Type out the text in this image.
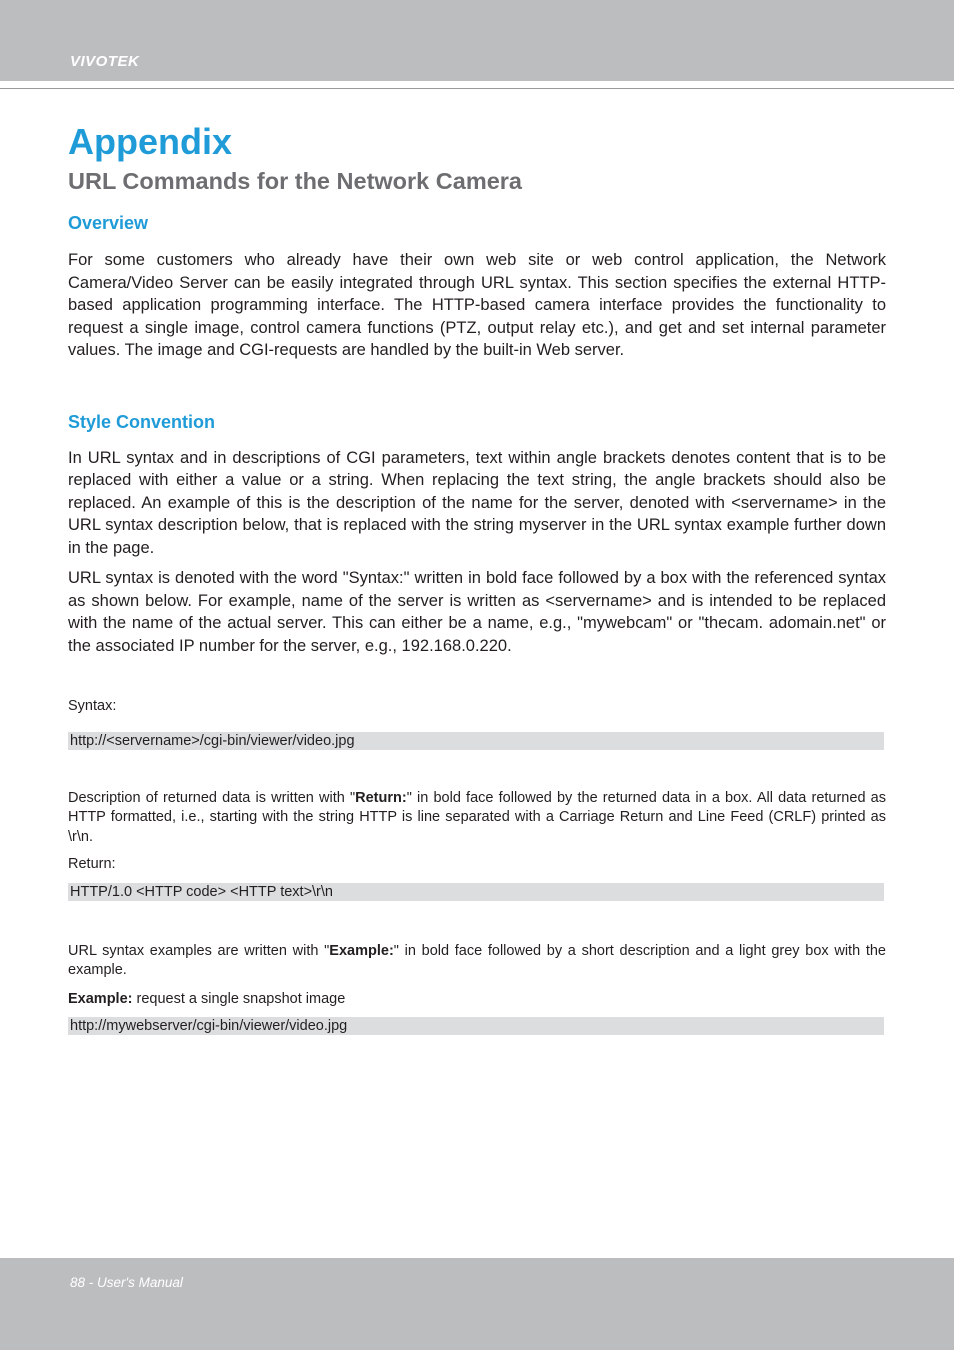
VIVOTEK
Appendix
URL Commands for the Network Camera
Overview

For some customers who already have their own web site or web control application, the Network Camera/Video Server can be easily integrated through URL syntax. This section specifies the external HTTP-based application programming interface. The HTTP-based camera interface provides the functionality to request a single image, control camera functions (PTZ, output relay etc.), and get and set internal parameter values. The image and CGI-requests are handled by the built-in Web server.

Style Convention

In URL syntax and in descriptions of CGI parameters, text within angle brackets denotes content that is to be replaced with either a value or a string. When replacing the text string, the angle brackets should also be replaced. An example of this is the description of the name for the server, denoted with <servername> in the URL syntax description below, that is replaced with the string myserver in the URL syntax example further down in the page.

URL syntax is denoted with the word "Syntax:" written in bold face followed by a box with the referenced syntax as shown below. For example, name of the server is written as <servername> and is intended to be replaced with the name of the actual server. This can either be a name, e.g., "mywebcam" or "thecam. adomain.net" or the associated IP number for the server, e.g., 192.168.0.220.

Syntax:

http://<servername>/cgi-bin/viewer/video.jpg

Description of returned data is written with "Return:" in bold face followed by the returned data in a box. All data returned as HTTP formatted, i.e., starting with the string HTTP is line separated with a Carriage Return and Line Feed (CRLF) printed as \r\n.

Return:

HTTP/1.0 <HTTP code> <HTTP text>\r\n

URL syntax examples are written with "Example:" in bold face followed by a short description and a light grey box with the example.

Example: request a single snapshot image

http://mywebserver/cgi-bin/viewer/video.jpg
88 - User's Manual
